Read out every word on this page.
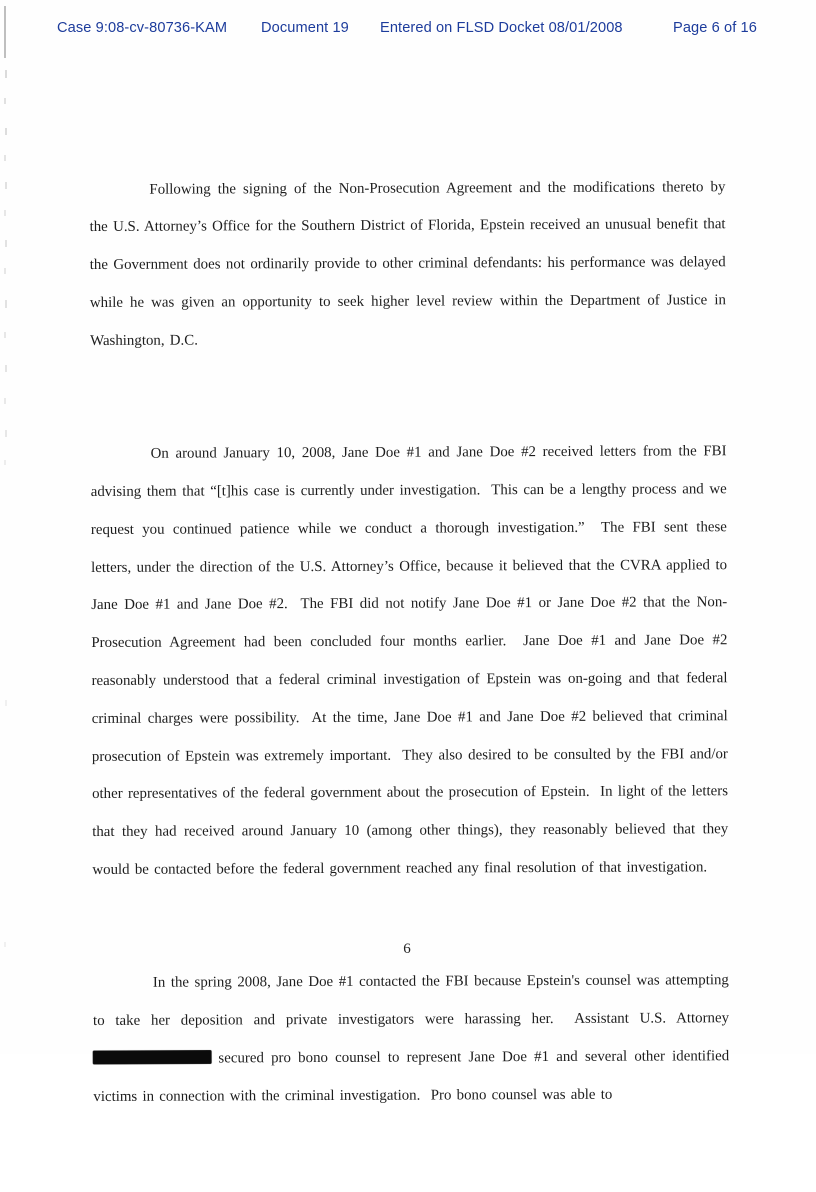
Case 9:08-cv-80736-KAM Document 19 Entered on FLSD Docket 08/01/2008	Page 6 of 16

Following the signing of the Non-Prosecution Agreement and the modifications thereto by the U.S. Attorney’s Office for the Southern District of Florida, Epstein received an unusual benefit that the Government does not ordinarily provide to other criminal defendants: his performance was delayed while he was given an opportunity to seek higher level review within the Department of Justice in Washington, D.C.

On around January 10, 2008, Jane Doe #1 and Jane Doe #2 received letters from the FBI advising them that “[t]his case is currently under investigation.  This can be a lengthy process and we request you continued patience while we conduct a thorough investigation.”  The FBI sent these letters, under the direction of the U.S. Attorney’s Office, because it believed that the CVRA applied to Jane Doe #1 and Jane Doe #2.  The FBI did not notify Jane Doe #1 or Jane Doe #2 that the Non-Prosecution Agreement had been concluded four months earlier.  Jane Doe #1 and Jane Doe #2 reasonably understood that a federal criminal investigation of Epstein was on-going and that federal criminal charges were possibility.  At the time, Jane Doe #1 and Jane Doe #2 believed that criminal prosecution of Epstein was extremely important.  They also desired to be consulted by the FBI and/or other representatives of the federal government about the prosecution of Epstein.  In light of the letters that they had received around January 10 (among other things), they reasonably believed that they would be contacted before the federal government reached any final resolution of that investigation.

In the spring 2008, Jane Doe #1 contacted the FBI because Epstein's counsel was attempting to take her deposition and private investigators were harassing her.  Assistant U.S. Attorney  secured pro bono counsel to represent Jane Doe #1 and several other identified victims in connection with the criminal investigation.  Pro bono counsel was able to

6
